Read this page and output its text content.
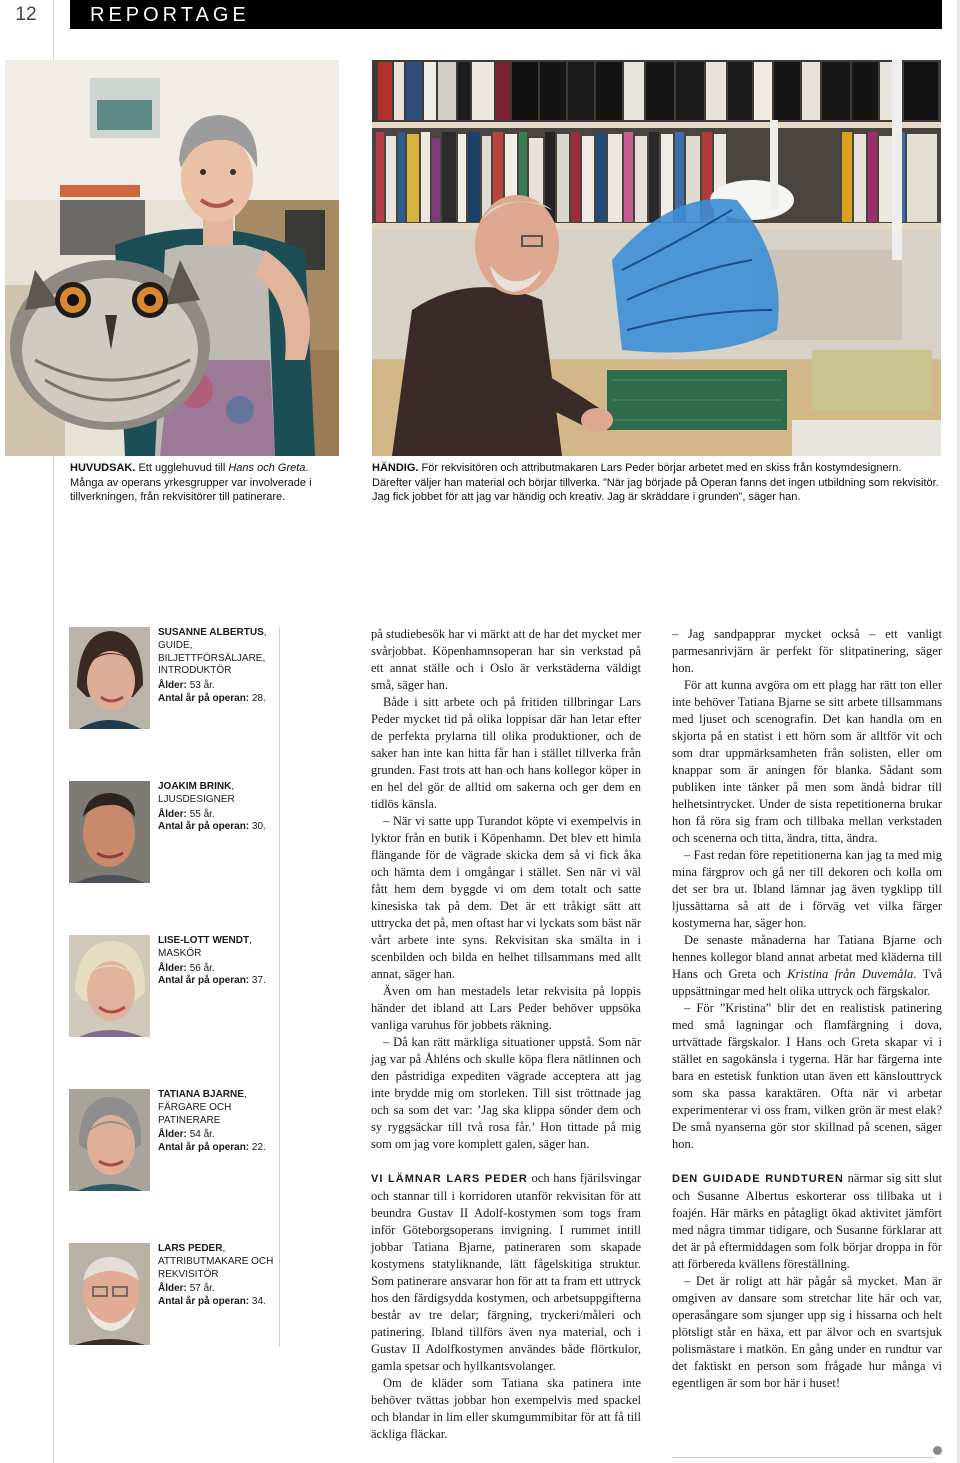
12	REPORTAGE
HUVUDSAK. Ett ugglehuvud till Hans och Greta. Många av operans yrkesgrupper var involverade i tillverkningen, från rekvisitörer till patinerare.
HÄNDIG. För rekvisitören och attributmakaren Lars Peder börjar arbetet med en skiss från kostymdesignern. Därefter väljer han material och börjar tillverka. ”När jag började på Operan fanns det ingen utbildning som rekvisitör. Jag fick jobbet för att jag var händig och kreativ. Jag är skräddare i grunden”, säger han.
SUSANNE ALBERTUS, GUIDE, BILJETTFÖRSÄLJARE, INTRODUKTÖR
Ålder: 53 år.
Antal år på operan: 28.
JOAKIM BRINK, LJUSDESIGNER
Ålder: 55 år.
Antal år på operan: 30.
LISE-LOTT WENDT, MASKÖR
Ålder: 56 år.
Antal år på operan: 37.
TATIANA BJARNE, FÄRGARE OCH PATINERARE
Ålder: 54 år.
Antal år på operan: 22.
LARS PEDER, ATTRIBUTMAKARE OCH REKVISITÖR
Ålder: 57 år.
Antal år på operan: 34.

på studiebesök har vi märkt att de har det mycket mer svårjobbat. Köpenhamnsoperan har sin verkstad på ett annat ställe och i Oslo är verkstäderna väldigt små, säger han.

Både i sitt arbete och på fritiden tillbringar Lars Peder mycket tid på olika loppisar där han letar efter de perfekta prylarna till olika produktioner, och de saker han inte kan hitta får han i stället tillverka från grunden. Fast trots att han och hans kollegor köper in en hel del gör de alltid om sakerna och ger dem en tidlös känsla.

– När vi satte upp Turandot köpte vi exempelvis in lyktor från en butik i Köpenhamn. Det blev ett himla flängande för de vägrade skicka dem så vi fick åka och hämta dem i omgångar i stället. Sen när vi väl fått hem dem byggde vi om dem totalt och satte kinesiska tak på dem. Det är ett tråkigt sätt att uttrycka det på, men oftast har vi lyckats som bäst när vårt arbete inte syns. Rekvisitan ska smälta in i scenbilden och bilda en helhet tillsammans med allt annat, säger han.

Även om han mestadels letar rekvisita på loppis händer det ibland att Lars Peder behöver uppsöka vanliga varuhus för jobbets räkning.

– Då kan rätt märkliga situationer uppstå. Som när jag var på Åhléns och skulle köpa flera nätlinnen och den påstridiga expediten vägrade acceptera att jag inte brydde mig om storleken. Till sist tröttnade jag och sa som det var: ’Jag ska klippa sönder dem och sy ryggsäckar till två rosa får.’ Hon tittade på mig som om jag vore komplett galen, säger han.

VI LÄMNAR LARS PEDER och hans fjärilsvingar och stannar till i korridoren utanför rekvisitan för att beundra Gustav II Adolf-kostymen som togs fram inför Göteborgsoperans invigning. I rummet intill jobbar Tatiana Bjarne, patineraren som skapade kostymens statyliknande, lätt fågelskitiga struktur. Som patinerare ansvarar hon för att ta fram ett uttryck hos den färdigsydda kostymen, och arbetsuppgifterna består av tre delar; färgning, tryckeri/måleri och patinering. Ibland tillförs även nya material, och i Gustav II Adolfkostymen användes både flörtkulor, gamla spetsar och hyllkantsvolanger.

Om de kläder som Tatiana ska patinera inte behöver tvättas jobbar hon exempelvis med spackel och blandar in lim eller skumgummibitar för att få till äckliga fläckar.

– Jag sandpapprar mycket också – ett vanligt parmesanrivjärn är perfekt för slitpatinering, säger hon.

För att kunna avgöra om ett plagg har rätt ton eller inte behöver Tatiana Bjarne se sitt arbete tillsammans med ljuset och scenografin. Det kan handla om en skjorta på en statist i ett hörn som är alltför vit och som drar uppmärksamheten från solisten, eller om knappar som är aningen för blanka. Sådant som publiken inte tänker på men som ändå bidrar till helhetsintrycket. Under de sista repetitionerna brukar hon få röra sig fram och tillbaka mellan verkstaden och scenerna och titta, ändra, titta, ändra.

– Fast redan före repetitionerna kan jag ta med mig mina färgprov och gå ner till dekoren och kolla om det ser bra ut. Ibland lämnar jag även tygklipp till ljussättarna så att de i förväg vet vilka färger kostymerna har, säger hon.

De senaste månaderna har Tatiana Bjarne och hennes kollegor bland annat arbetat med kläderna till Hans och Greta och Kristina från Duvemåla. Två uppsättningar med helt olika uttryck och färgskalor.

– För ”Kristina” blir det en realistisk patinering med små lagningar och flamfärgning i dova, urtvättade färgskalor. I Hans och Greta skapar vi i stället en sagokänsla i tygerna. Här har färgerna inte bara en estetisk funktion utan även ett känslouttryck som ska passa karaktären. Ofta när vi arbetar experimenterar vi oss fram, vilken grön är mest elak? De små nyanserna gör stor skillnad på scenen, säger hon.

DEN GUIDADE RUNDTUREN närmar sig sitt slut och Susanne Albertus eskorterar oss tillbaka ut i foajén. Här märks en påtagligt ökad aktivitet jämfört med några timmar tidigare, och Susanne förklarar att det är på eftermiddagen som folk börjar droppa in för att förbereda kvällens föreställning.

– Det är roligt att här pågår så mycket. Man är omgiven av dansare som stretchar lite här och var, operasångare som sjunger upp sig i hissarna och helt plötsligt står en häxa, ett par älvor och en svartsjuk polismästare i matkön. En gång under en rundtur var det faktiskt en person som frågade hur många vi egentligen är som bor här i huset!
